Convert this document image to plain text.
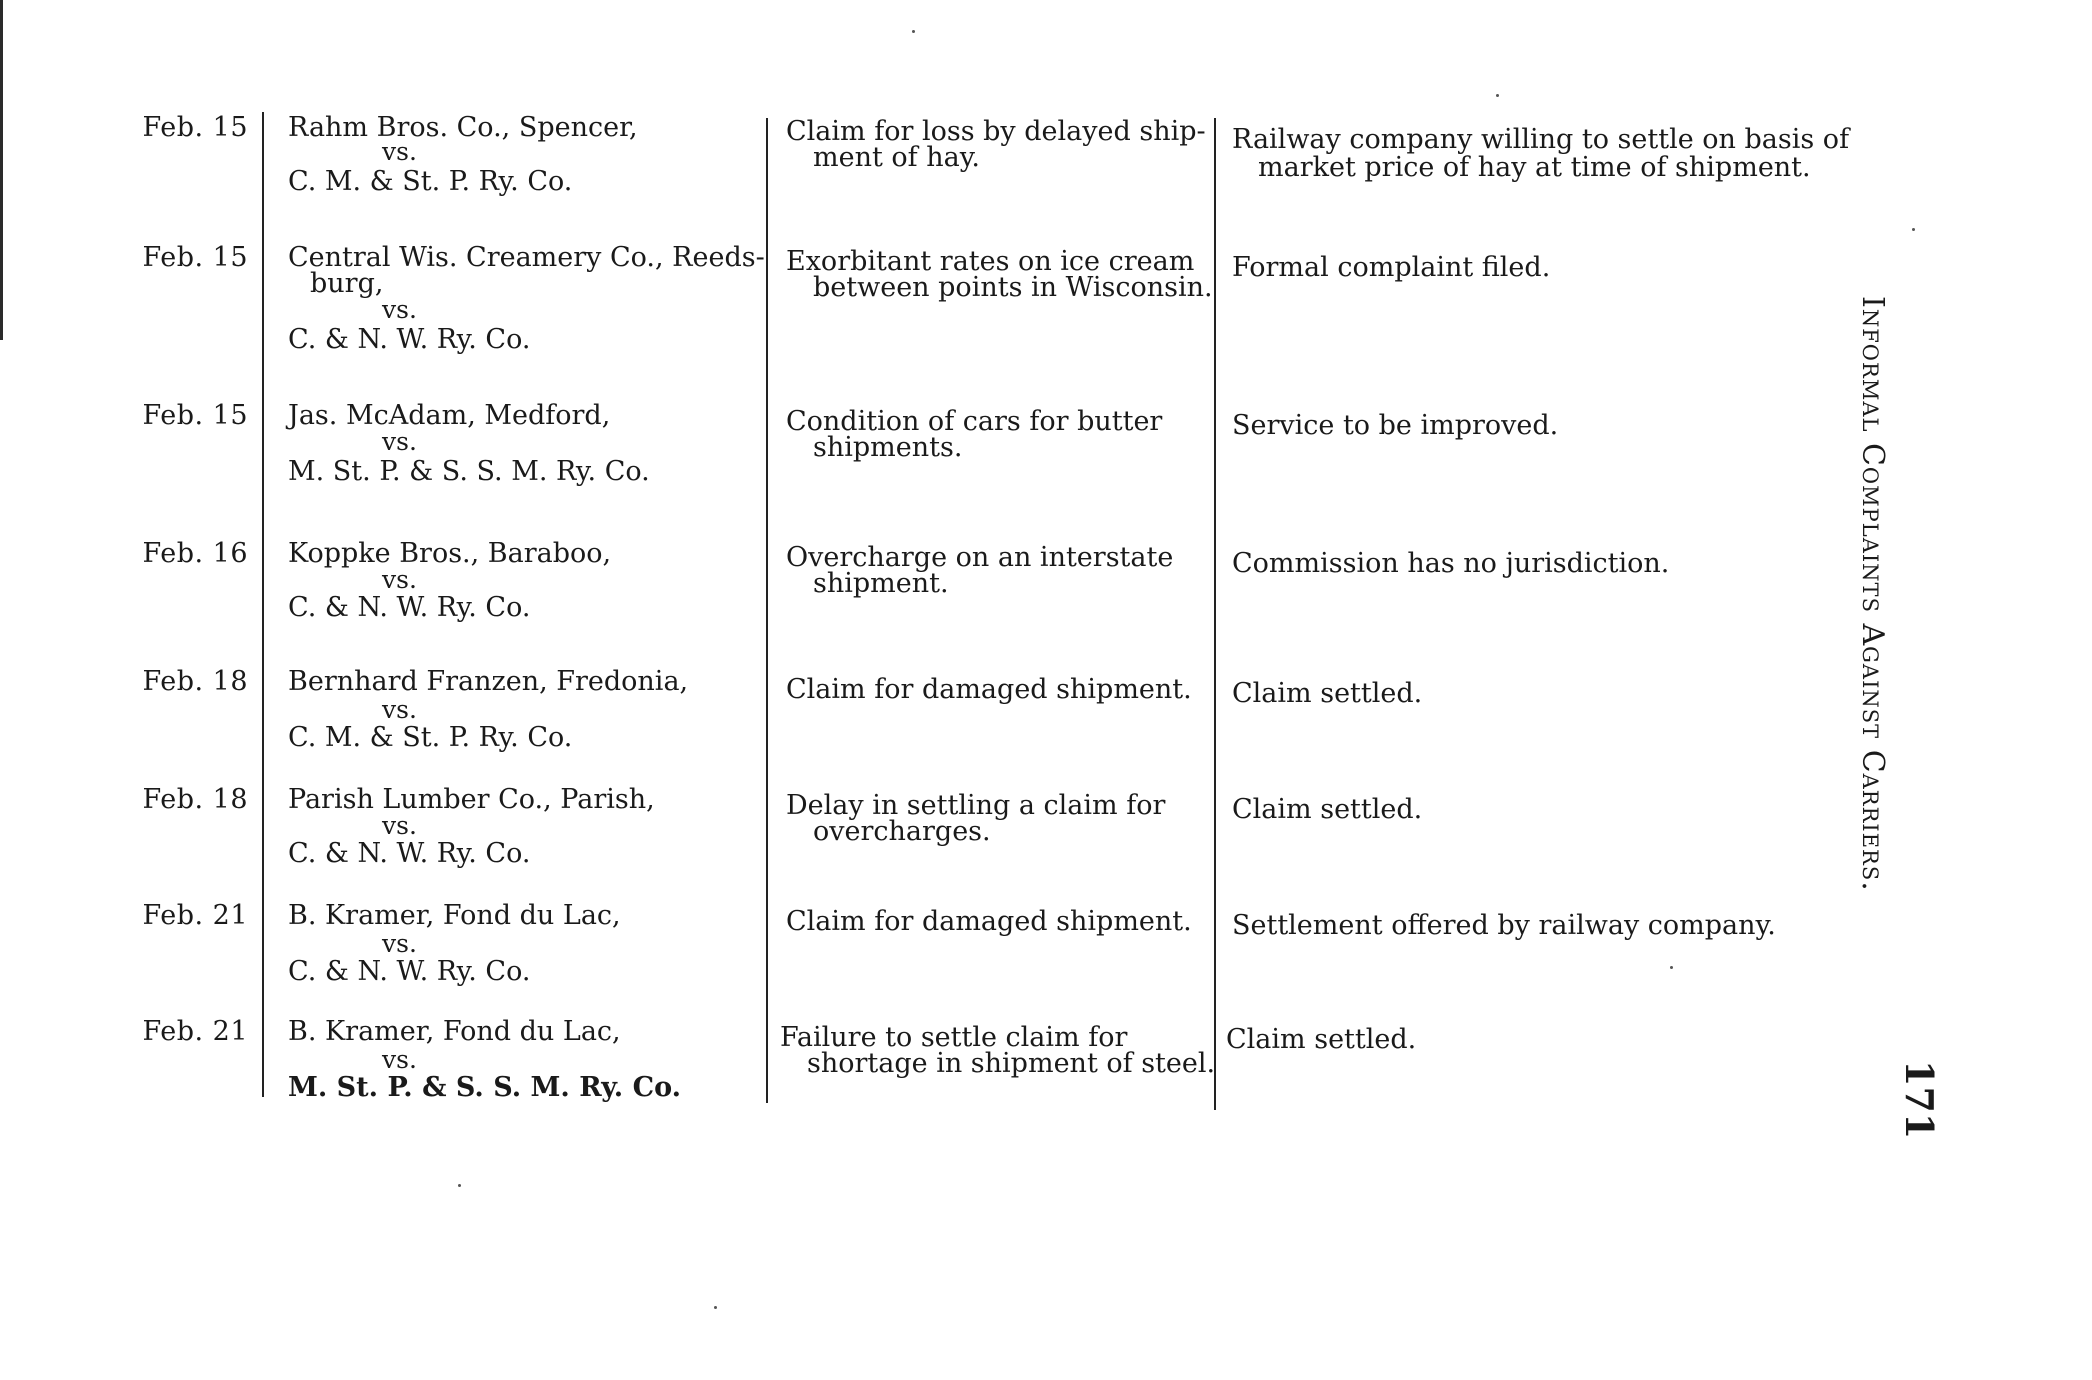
Feb. 15 Rahm Bros. Co., Spencer,
vs.
C. M. & St. P. Ry. Co.
Claim for loss by delayed ship-
ment of hay.
Railway company willing to settle on basis of
market price of hay at time of shipment.
Feb. 15 Central Wis. Creamery Co., Reeds-
burg,
vs.
C. & N. W. Ry. Co.
Exorbitant rates on ice cream
between points in Wisconsin.
Formal complaint filed.
Feb. 15 Jas. McAdam, Medford,
vs.
M. St. P. & S. S. M. Ry. Co.
Condition of cars for butter
shipments.
Service to be improved.
Feb. 16 Koppke Bros., Baraboo,
vs.
C. & N. W. Ry. Co.
Overcharge on an interstate
shipment.
Commission has no jurisdiction.
Feb. 18 Bernhard Franzen, Fredonia,
vs.
C. M. & St. P. Ry. Co.
Claim for damaged shipment. Claim settled.
Feb. 18 Parish Lumber Co., Parish,
vs.
C. & N. W. Ry. Co.
Delay in settling a claim for
overcharges.
Claim settled.
Feb. 21 B. Kramer, Fond du Lac,
vs.
C. & N. W. Ry. Co.
Claim for damaged shipment. Settlement offered by railway company.
Feb. 21 B. Kramer, Fond du Lac,
vs.
M. St. P. & S. S. M. Ry. Co.
Failure to settle claim for
shortage in shipment of steel.
Claim settled.
Informal Complaints Against Carriers.
171
